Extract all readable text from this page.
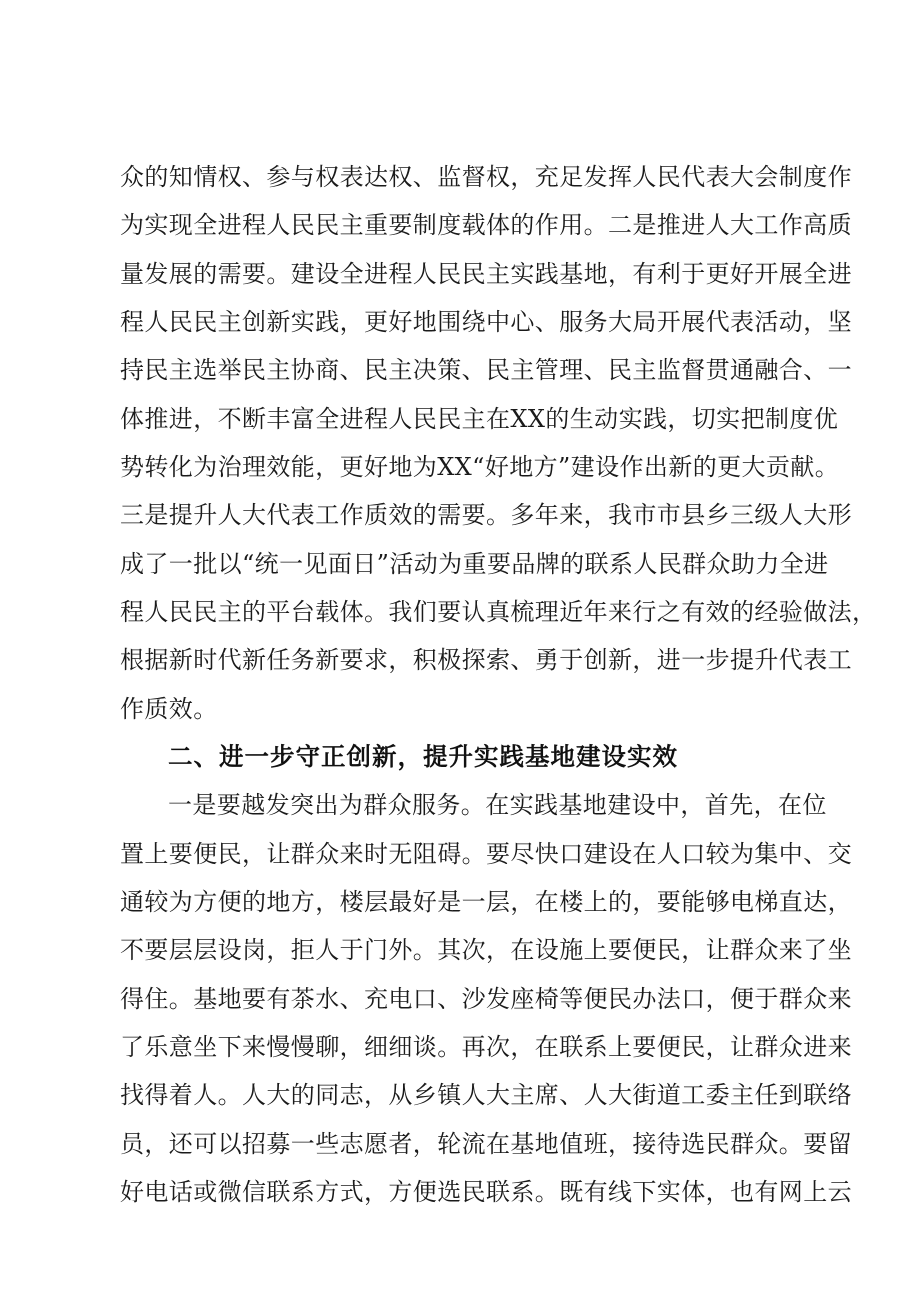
众的知情权、参与权表达权、监督权，充足发挥人民代表大会制度作
为实现全进程人民民主重要制度载体的作用。二是推进人大工作高质
量发展的需要。建设全进程人民民主实践基地，有利于更好开展全进
程人民民主创新实践，更好地围绕中心、服务大局开展代表活动，坚
持民主选举民主协商、民主决策、民主管理、民主监督贯通融合、一
体推进，不断丰富全进程人民民主在XX的生动实践，切实把制度优
势转化为治理效能，更好地为XX“好地方”建设作出新的更大贡献。
三是提升人大代表工作质效的需要。多年来，我市市县乡三级人大形
成了一批以“统一见面日”活动为重要品牌的联系人民群众助力全进
程人民民主的平台载体。我们要认真梳理近年来行之有效的经验做法，
根据新时代新任务新要求，积极探索、勇于创新，进一步提升代表工
作质效。
二、进一步守正创新，提升实践基地建设实效
一是要越发突出为群众服务。在实践基地建设中，首先，在位
置上要便民，让群众来时无阻碍。要尽快口建设在人口较为集中、交
通较为方便的地方，楼层最好是一层，在楼上的，要能够电梯直达，
不要层层设岗，拒人于门外。其次，在设施上要便民，让群众来了坐
得住。基地要有茶水、充电口、沙发座椅等便民办法口，便于群众来
了乐意坐下来慢慢聊，细细谈。再次，在联系上要便民，让群众进来
找得着人。人大的同志，从乡镇人大主席、人大街道工委主任到联络
员，还可以招募一些志愿者，轮流在基地值班，接待选民群众。要留
好电话或微信联系方式，方便选民联系。既有线下实体，也有网上云
